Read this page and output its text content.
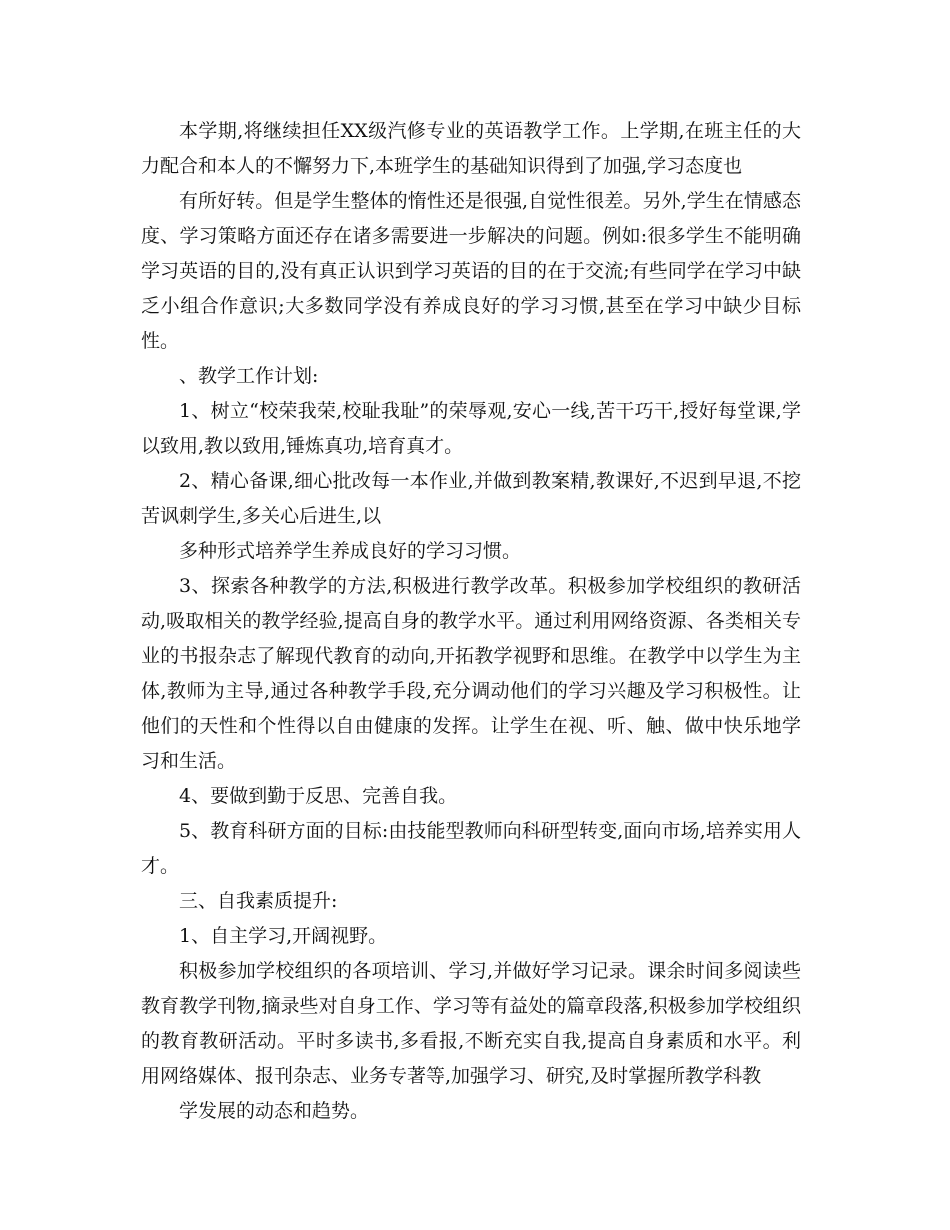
本学期,将继续担任XX级汽修专业的英语教学工作。上学期,在班主任的大力配合和本人的不懈努力下,本班学生的基础知识得到了加强,学习态度也

有所好转。但是学生整体的惰性还是很强,自觉性很差。另外,学生在情感态度、学习策略方面还存在诸多需要进一步解决的问题。例如:很多学生不能明确学习英语的目的,没有真正认识到学习英语的目的在于交流;有些同学在学习中缺乏小组合作意识;大多数同学没有养成良好的学习习惯,甚至在学习中缺少目标性。

、教学工作计划:

1、树立“校荣我荣,校耻我耻”的荣辱观,安心一线,苦干巧干,授好每堂课,学以致用,教以致用,锤炼真功,培育真才。

2、精心备课,细心批改每一本作业,并做到教案精,教课好,不迟到早退,不挖苦讽刺学生,多关心后进生,以

多种形式培养学生养成良好的学习习惯。

3、探索各种教学的方法,积极进行教学改革。积极参加学校组织的教研活动,吸取相关的教学经验,提高自身的教学水平。通过利用网络资源、各类相关专业的书报杂志了解现代教育的动向,开拓教学视野和思维。在教学中以学生为主体,教师为主导,通过各种教学手段,充分调动他们的学习兴趣及学习积极性。让他们的天性和个性得以自由健康的发挥。让学生在视、听、触、做中快乐地学习和生活。

4、要做到勤于反思、完善自我。

5、教育科研方面的目标:由技能型教师向科研型转变,面向市场,培养实用人才。

三、自我素质提升:

1、自主学习,开阔视野。

积极参加学校组织的各项培训、学习,并做好学习记录。课余时间多阅读些教育教学刊物,摘录些对自身工作、学习等有益处的篇章段落,积极参加学校组织的教育教研活动。平时多读书,多看报,不断充实自我,提高自身素质和水平。利用网络媒体、报刊杂志、业务专著等,加强学习、研究,及时掌握所教学科教

学发展的动态和趋势。
